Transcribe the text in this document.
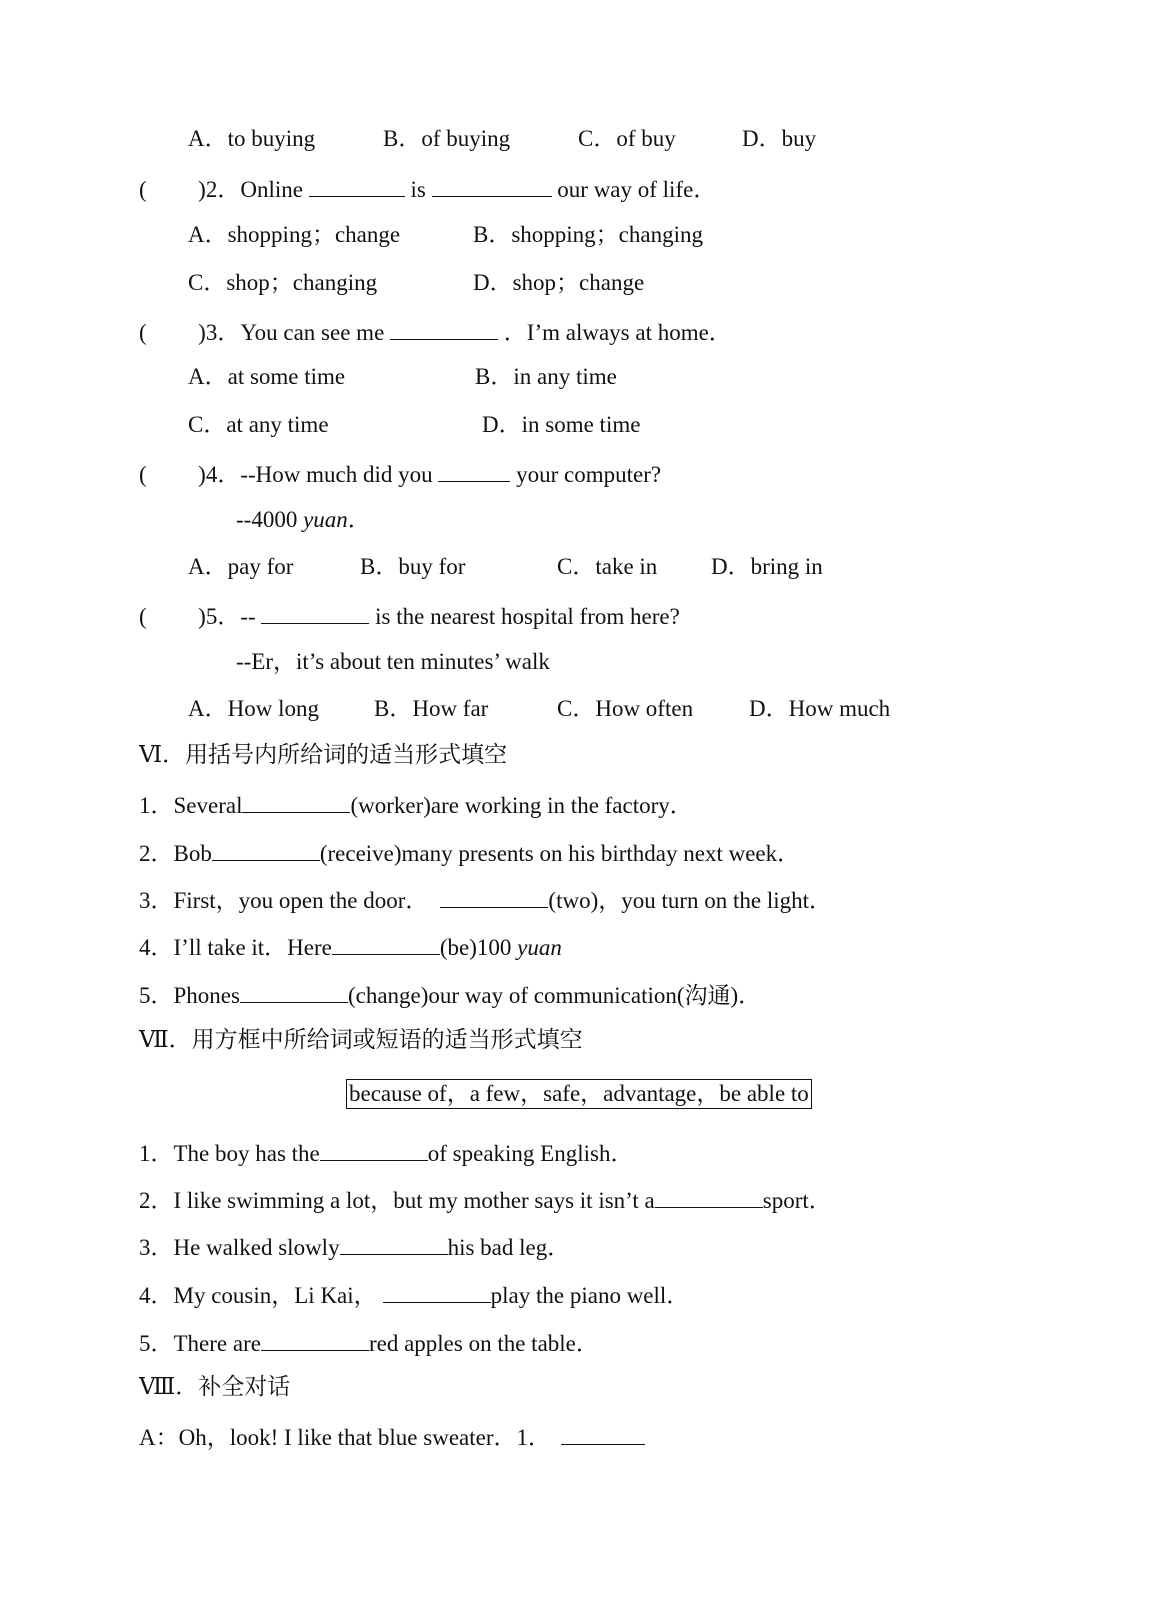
A．to buying	B．of buying	C．of buy	D．buy
( )2．Online	is	our way of life．
A．shopping；change	B．shopping；changing
C．shop；changing	D．shop；change
( )3．You can see me	．I’m always at home．
A．at some time	B．in any time
C．at any time	D．in some time
( )4．--How much did you	your computer?
--4000 yuan．
A．pay for	B．buy for	C．take in D．bring in
( )5．--	is the nearest hospital from here?
--Er，it’s about ten minutes’ walk
A．How long B．How far	C．How often D．How much
Ⅵ．用括号内所给词的适当形式填空
1．Several	(worker)are working in the factory．
2．Bob	(receive)many presents on his birthday next week．
3．First，you open the door．	(two)，you turn on the light．
4．I’ll take it．Here	(be)100 yuan
5．Phones	(change)our way of communication(沟通)．
Ⅶ．用方框中所给词或短语的适当形式填空
because of，a few，safe，advantage，be able to
1．The boy has the	of speaking English．
2．I like swimming a lot，but my mother says it isn’t a	sport．
3．He walked slowly	his bad leg．
4．My cousin，Li Kai，	play the piano well．
5．There are	red apples on the table．
Ⅷ．补全对话
A：Oh，look! I like that blue sweater．1．
